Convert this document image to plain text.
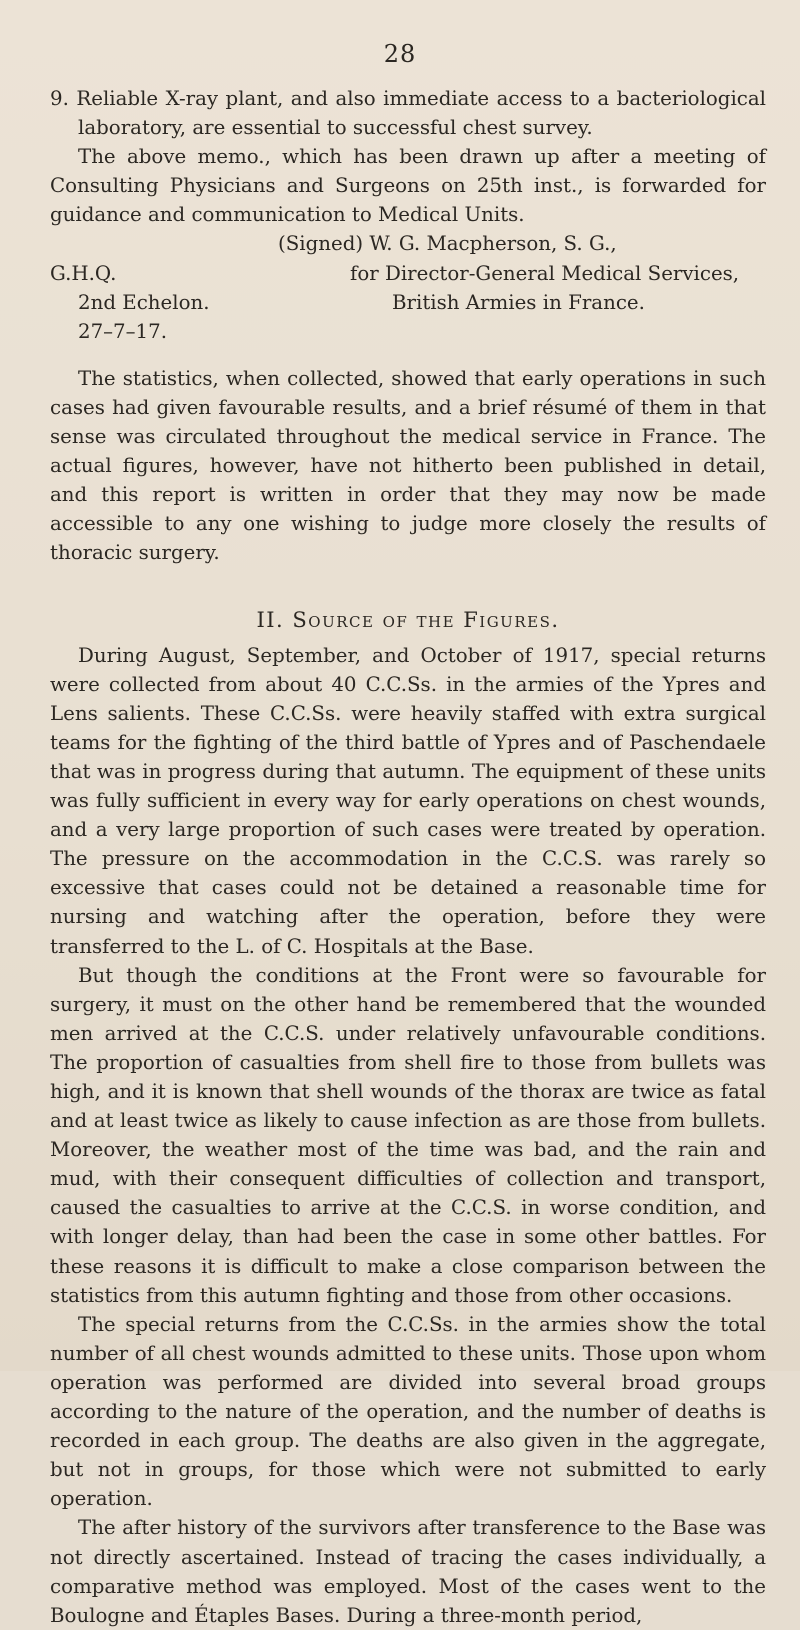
28

9. Reliable X-ray plant, and also immediate access to a bacteriological laboratory, are essential to successful chest survey.

The above memo., which has been drawn up after a meeting of Consulting Physicians and Surgeons on 25th inst., is forwarded for guidance and communication to Medical Units.

(Signed) W. G. Macpherson, S. G.,
G.H.Q.	for Director-General Medical Services,
2nd Echelon.	British Armies in France.
27–7–17.

The statistics, when collected, showed that early operations in such cases had given favourable results, and a brief résumé of them in that sense was circulated throughout the medical service in France. The actual figures, however, have not hitherto been published in detail, and this report is written in order that they may now be made accessible to any one wishing to judge more closely the results of thoracic surgery.

II. Source of the Figures.

During August, September, and October of 1917, special returns were collected from about 40 C.C.Ss. in the armies of the Ypres and Lens salients. These C.C.Ss. were heavily staffed with extra surgical teams for the fighting of the third battle of Ypres and of Paschendaele that was in progress during that autumn. The equipment of these units was fully sufficient in every way for early operations on chest wounds, and a very large proportion of such cases were treated by operation. The pressure on the accommodation in the C.C.S. was rarely so excessive that cases could not be detained a reasonable time for nursing and watching after the operation, before they were transferred to the L. of C. Hospitals at the Base.

But though the conditions at the Front were so favourable for surgery, it must on the other hand be remembered that the wounded men arrived at the C.C.S. under relatively unfavourable conditions. The proportion of casualties from shell fire to those from bullets was high, and it is known that shell wounds of the thorax are twice as fatal and at least twice as likely to cause infection as are those from bullets. Moreover, the weather most of the time was bad, and the rain and mud, with their consequent difficulties of collection and transport, caused the casualties to arrive at the C.C.S. in worse condition, and with longer delay, than had been the case in some other battles. For these reasons it is difficult to make a close comparison between the statistics from this autumn fighting and those from other occasions.

The special returns from the C.C.Ss. in the armies show the total number of all chest wounds admitted to these units. Those upon whom operation was performed are divided into several broad groups according to the nature of the operation, and the number of deaths is recorded in each group. The deaths are also given in the aggregate, but not in groups, for those which were not submitted to early operation.

The after history of the survivors after transference to the Base was not directly ascertained. Instead of tracing the cases individually, a comparative method was employed. Most of the cases went to the Boulogne and Étaples Bases. During a three-month period,
